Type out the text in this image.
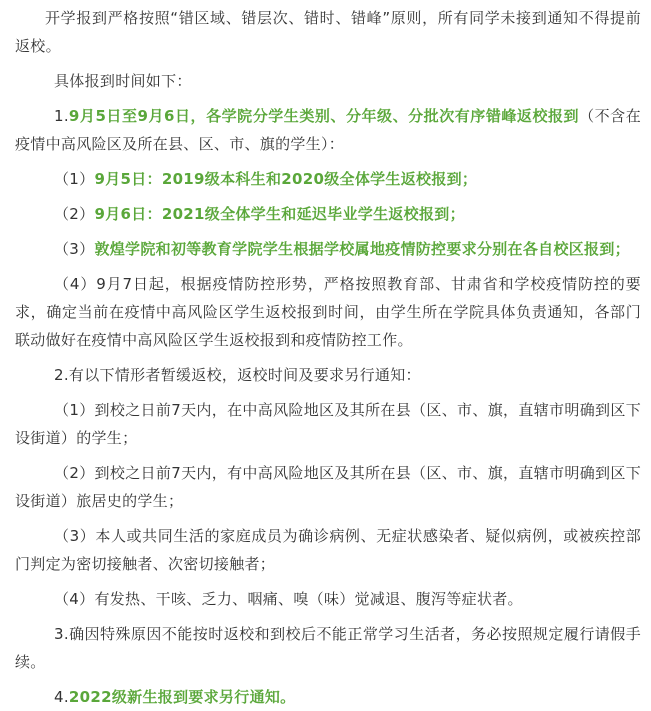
开学报到严格按照“错区域、错层次、错时、错峰”原则，所有同学未接到通知不得提前返校。

具体报到时间如下：

1.9月5日至9月6日，各学院分学生类别、分年级、分批次有序错峰返校报到（不含在疫情中高风险区及所在县、区、市、旗的学生）：

（1）9月5日：2019级本科生和2020级全体学生返校报到；

（2）9月6日：2021级全体学生和延迟毕业学生返校报到；

（3）敦煌学院和初等教育学院学生根据学校属地疫情防控要求分别在各自校区报到；

（4）9月7日起，根据疫情防控形势，严格按照教育部、甘肃省和学校疫情防控的要求，确定当前在疫情中高风险区学生返校报到时间，由学生所在学院具体负责通知，各部门联动做好在疫情中高风险区学生返校报到和疫情防控工作。

2.有以下情形者暂缓返校，返校时间及要求另行通知：

（1）到校之日前7天内，在中高风险地区及其所在县（区、市、旗，直辖市明确到区下设街道）的学生；

（2）到校之日前7天内，有中高风险地区及其所在县（区、市、旗，直辖市明确到区下设街道）旅居史的学生；

（3）本人或共同生活的家庭成员为确诊病例、无症状感染者、疑似病例，或被疾控部门判定为密切接触者、次密切接触者；

（4）有发热、干咳、乏力、咽痛、嗅（味）觉减退、腹泻等症状者。

3.确因特殊原因不能按时返校和到校后不能正常学习生活者，务必按照规定履行请假手续。

4.2022级新生报到要求另行通知。
